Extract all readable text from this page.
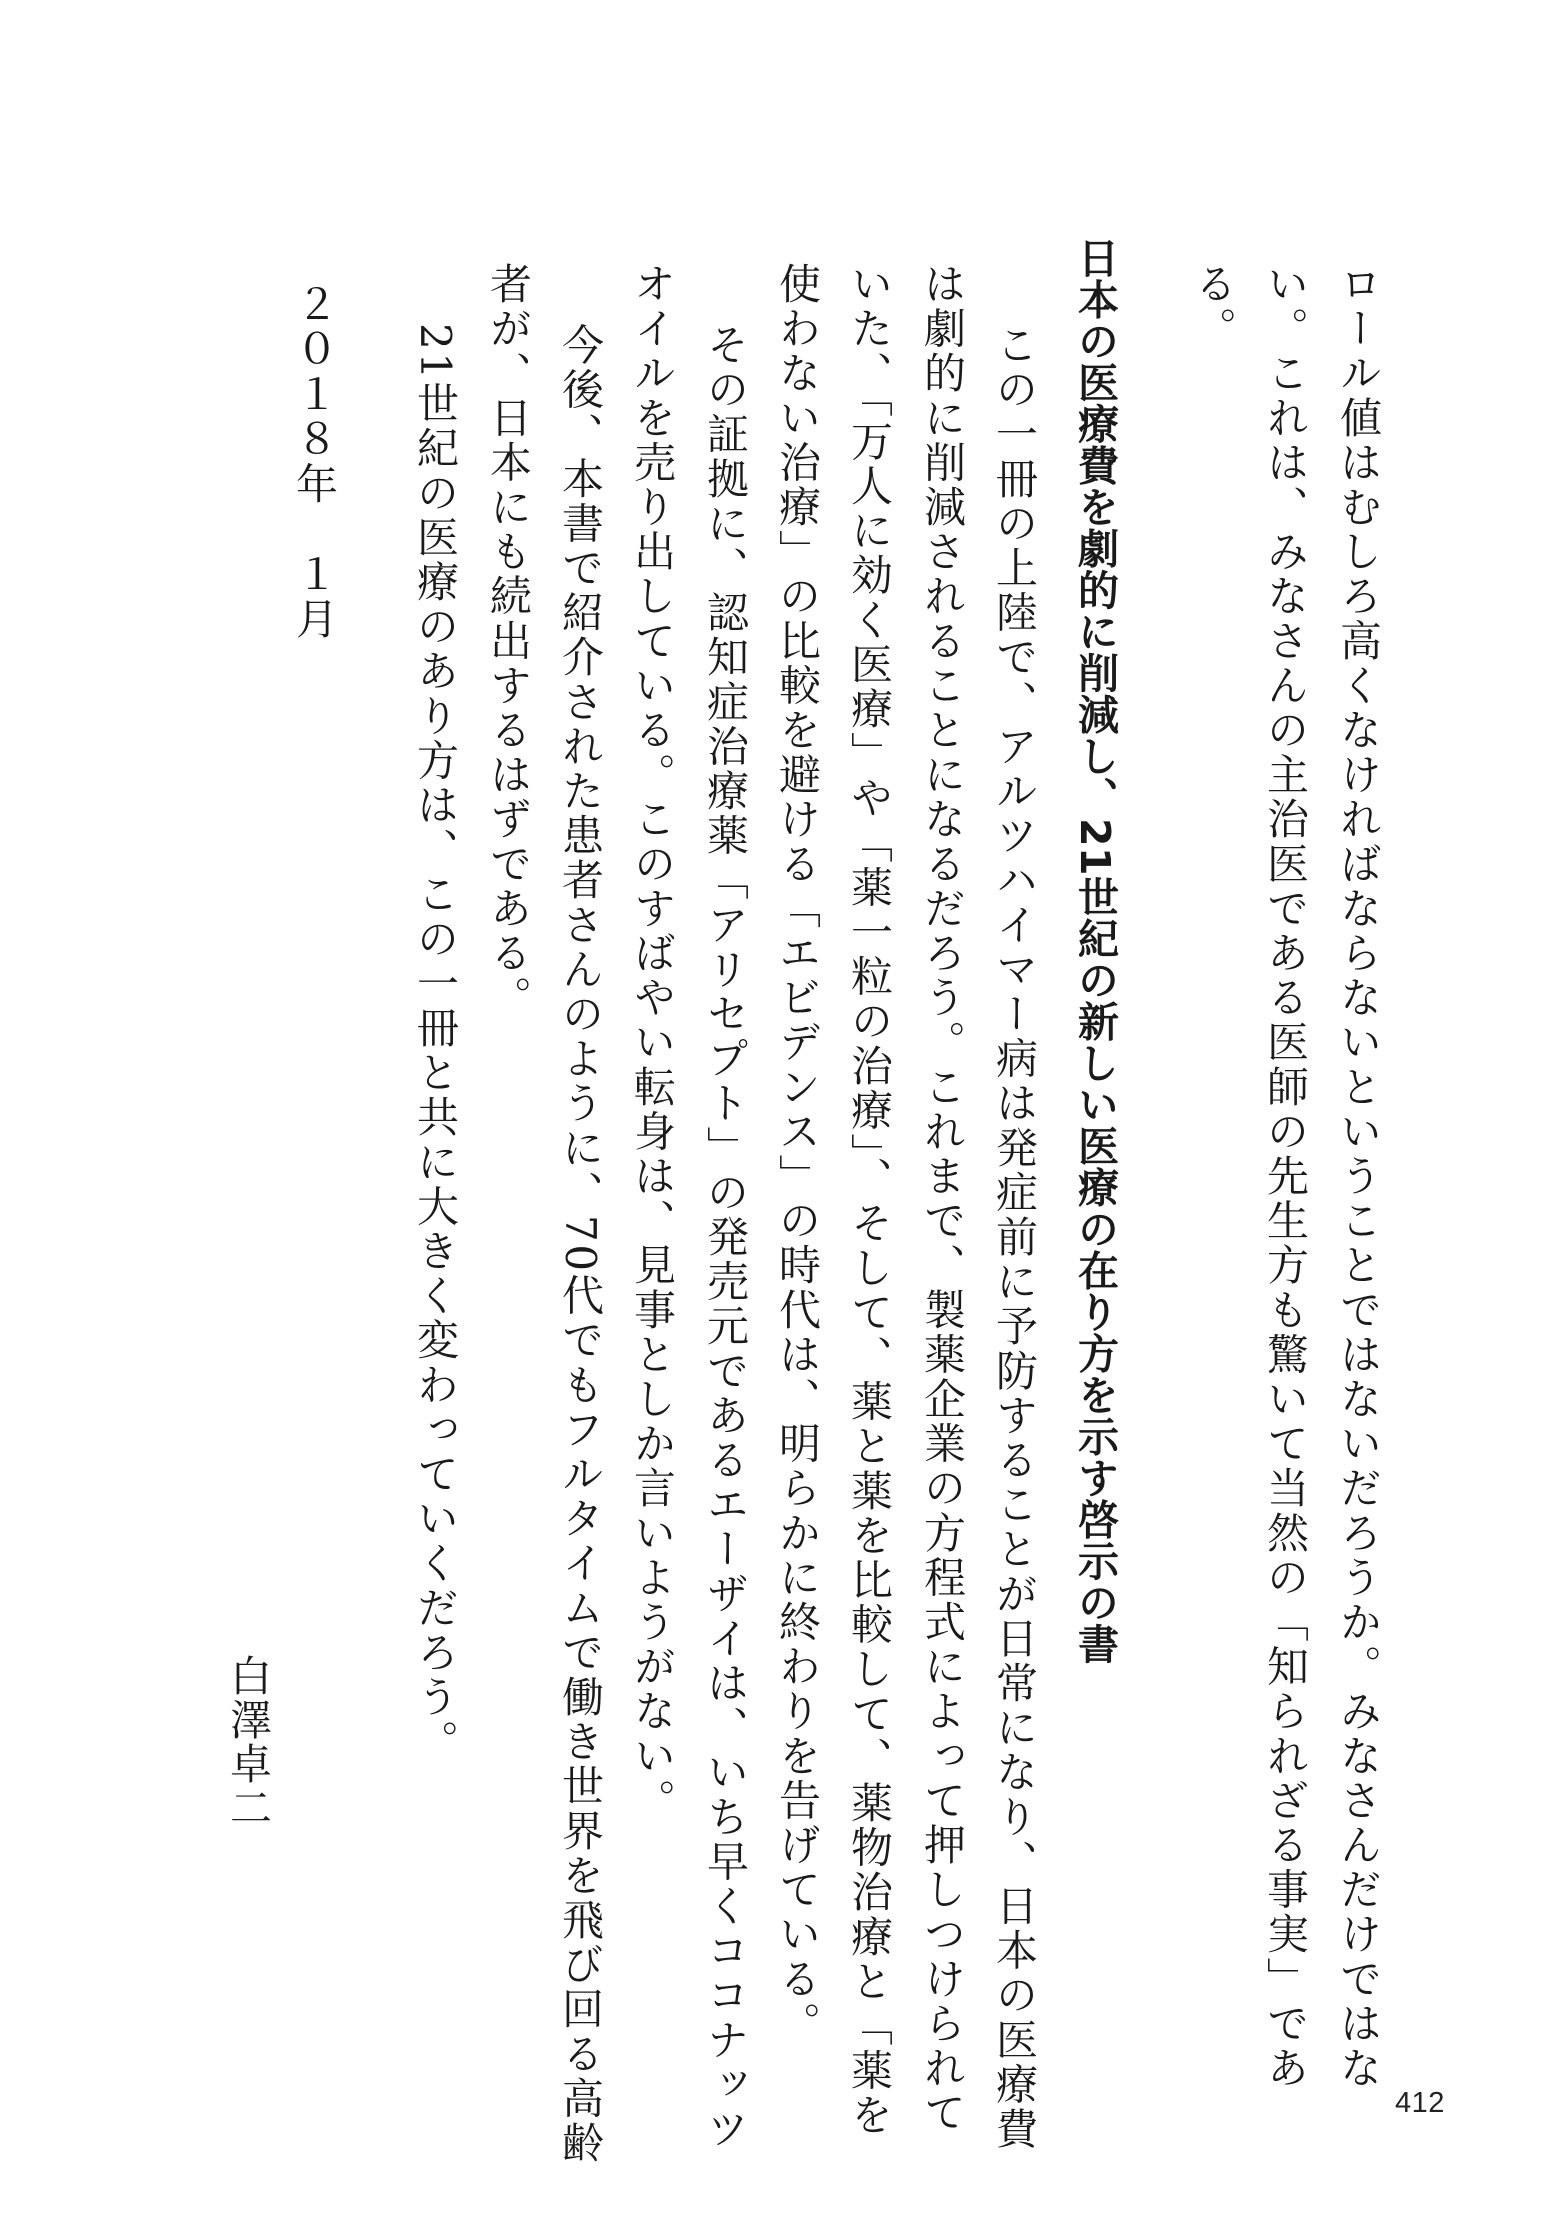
ロール値はむしろ高くなければならないということではないだろうか。みなさんだけではな
い。これは、みなさんの主治医である医師の先生方も驚いて当然の「知られざる事実」であ
る。
日本の医療費を劇的に削減し、21世紀の新しい医療の在り方を示す啓示の書
この一冊の上陸で、アルツハイマー病は発症前に予防することが日常になり、日本の医療費
は劇的に削減されることになるだろう。これまで、製薬企業の方程式によって押しつけられて
いた、「万人に効く医療」や「薬一粒の治療」、そして、薬と薬を比較して、薬物治療と「薬を
使わない治療」の比較を避ける「エビデンス」の時代は、明らかに終わりを告げている。
その証拠に、認知症治療薬「アリセプト」の発売元であるエーザイは、いち早くココナッツ
オイルを売り出している。このすばやい転身は、見事としか言いようがない。
今後、本書で紹介された患者さんのように、70代でもフルタイムで働き世界を飛び回る高齢
者が、日本にも続出するはずである。
21世紀の医療のあり方は、この一冊と共に大きく変わっていくだろう。
２０１８年　１月
白澤卓二
412
